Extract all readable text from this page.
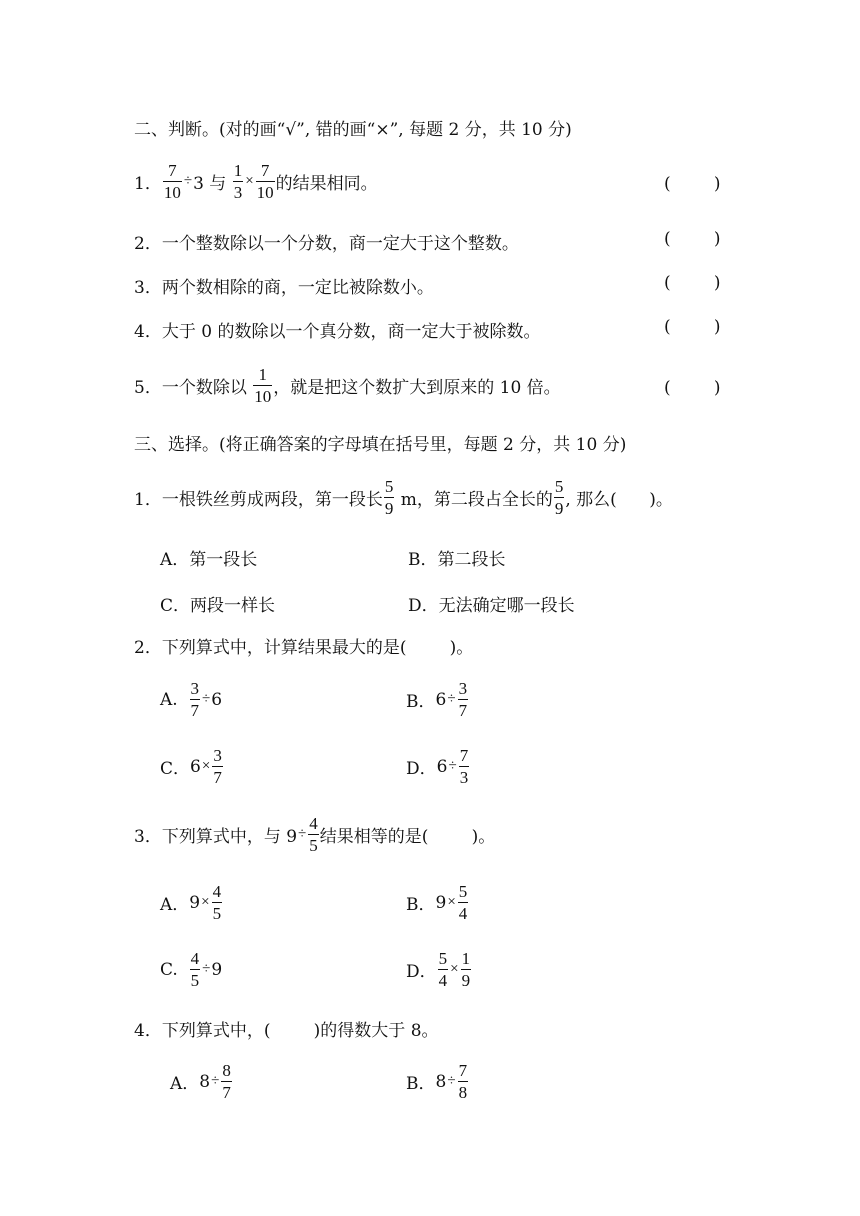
二、判断。(对的画“√”, 错的画“×”, 每题 2 分，共 10 分)
1． $\frac{7}{10} \div 3$ 与 $\frac{1}{3} \times \frac{7}{10}$ 的结果相同。	(        )
2．一个整数除以一个分数，商一定大于这个整数。	(        )
3．两个数相除的商，一定比被除数小。	(        )
4．大于 0 的数除以一个真分数，商一定大于被除数。	(        )
5．一个数除以 $\frac{1}{10}$ ，就是把这个数扩大到原来的 10 倍。	(        )
三、选择。(将正确答案的字母填在括号里，每题 2 分，共 10 分)
1．一根铁丝剪成两段，第一段长 $\frac{5}{9}$ m，第二段占全长的 $\frac{5}{9}$ , 那么(      )。
A．第一段长	B．第二段长
C．两段一样长	D．无法确定哪一段长
2．下列算式中，计算结果最大的是(        )。
A. $\frac{3}{7} \div 6$	B． $6 \div \frac{3}{7}$
C． $6 \times \frac{3}{7}$	D． $6 \div \frac{7}{3}$
3．下列算式中，与 $9 \div \frac{4}{5}$ 结果相等的是(        )。
A． $9 \times \frac{4}{5}$	B． $9 \times \frac{5}{4}$
C. $\frac{4}{5} \div 9$	D． $\frac{5}{4} \times \frac{1}{9}$
4．下列算式中，(        )的得数大于 8。
A． $8 \div \frac{8}{7}$	B． $8 \div \frac{7}{8}$
